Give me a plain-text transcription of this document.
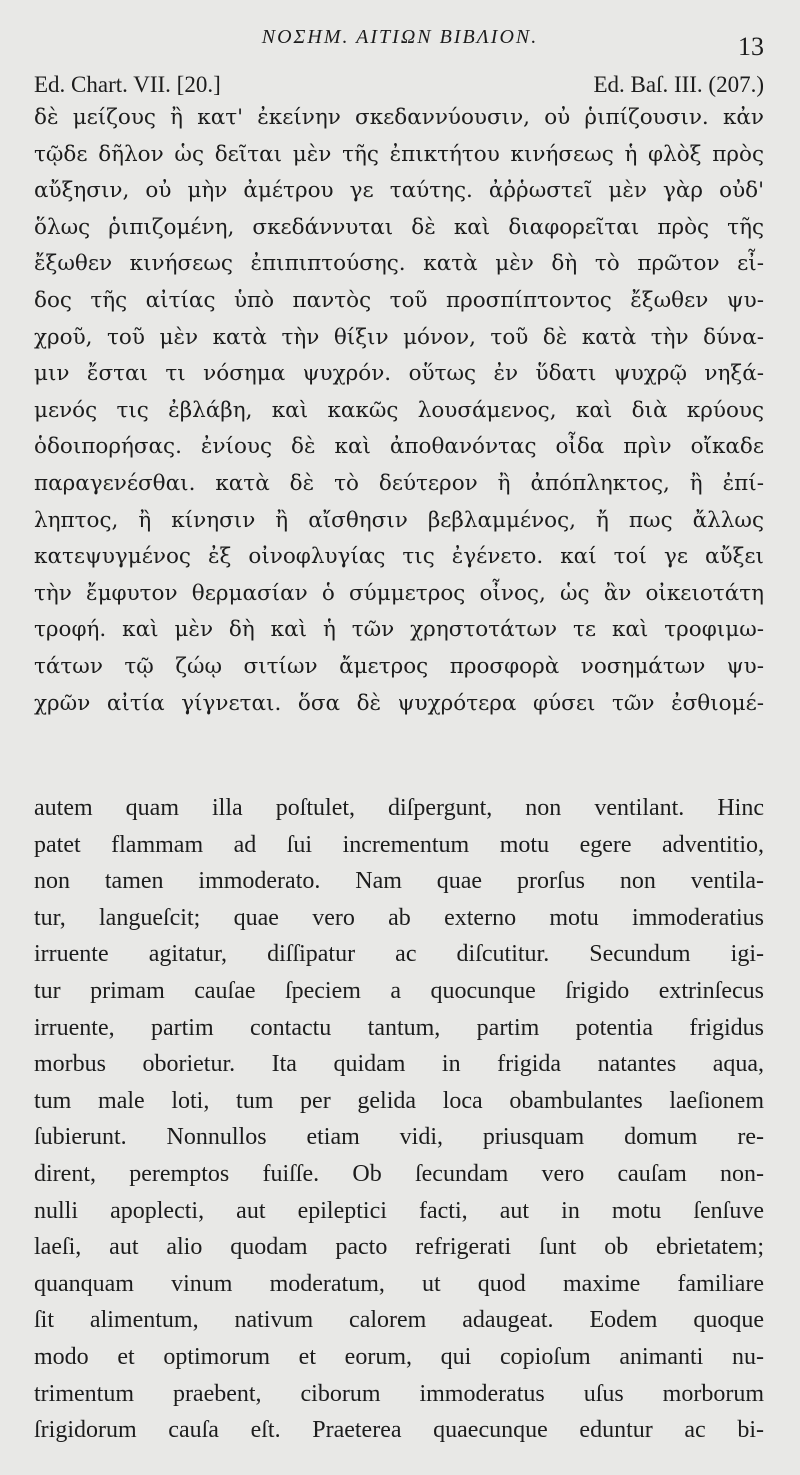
ΝΟΣΗΜ. ΑΙΤΙΩΝ ΒΙΒΛΙΟΝ.	13
Ed. Chart. VII. [20.]	Ed. Baſ. III. (207.)
δὲ μείζους ἢ κατ' ἐκείνην σκεδαννύουσιν, οὐ ῥιπίζουσιν. κἀν
τῷδε δῆλον ὡς δεῖται μὲν τῆς ἐπικτήτου κινήσεως ἡ φλὸξ πρὸς
αὔξησιν, οὐ μὴν ἀμέτρου γε ταύτης. ἀῤῥωστεῖ μὲν γὰρ οὐδ'
ὅλως ῥιπιζομένη, σκεδάννυται δὲ καὶ διαφορεῖται πρὸς τῆς
ἔξωθεν κινήσεως ἐπιπιπτούσης. κατὰ μὲν δὴ τὸ πρῶτον εἶ-
δος τῆς αἰτίας ὑπὸ παντὸς τοῦ προσπίπτοντος ἔξωθεν ψυ-
χροῦ, τοῦ μὲν κατὰ τὴν θίξιν μόνον, τοῦ δὲ κατὰ τὴν δύνα-
μιν ἔσται τι νόσημα ψυχρόν. οὕτως ἐν ὕδατι ψυχρῷ νηξά-
μενός τις ἐβλάβη, καὶ κακῶς λουσάμενος, καὶ διὰ κρύους
ὁδοιπορήσας. ἐνίους δὲ καὶ ἀποθανόντας οἶδα πρὶν οἴκαδε
παραγενέσθαι. κατὰ δὲ τὸ δεύτερον ἢ ἀπόπληκτος, ἢ ἐπί-
ληπτος, ἢ κίνησιν ἢ αἴσθησιν βεβλαμμένος, ἤ πως ἄλλως
κατεψυγμένος ἐξ οἰνοφλυγίας τις ἐγένετο. καί τοί γε αὔξει
τὴν ἔμφυτον θερμασίαν ὁ σύμμετρος οἶνος, ὡς ἂν οἰκειοτάτη
τροφή. καὶ μὲν δὴ καὶ ἡ τῶν χρηστοτάτων τε καὶ τροφιμω-
τάτων τῷ ζώῳ σιτίων ἄμετρος προσφορὰ νοσημάτων ψυ-
χρῶν αἰτία γίγνεται. ὅσα δὲ ψυχρότερα φύσει τῶν ἐσθιομέ-
autem quam illa poſtulet, diſpergunt, non ventilant. Hinc
patet flammam ad ſui incrementum motu egere adventitio,
non tamen immoderato. Nam quae prorſus non ventila-
tur, langueſcit; quae vero ab externo motu immoderatius
irruente agitatur, diſſipatur ac diſcutitur. Secundum igi-
tur primam cauſae ſpeciem a quocunque ſrigido extrinſecus
irruente, partim contactu tantum, partim potentia frigidus
morbus oborietur. Ita quidam in frigida natantes aqua,
tum male loti, tum per gelida loca obambulantes laeſionem
ſubierunt. Nonnullos etiam vidi, priusquam domum re-
dirent, peremptos fuiſſe. Ob ſecundam vero cauſam non-
nulli apoplecti, aut epileptici facti, aut in motu ſenſuve
laeſi, aut alio quodam pacto refrigerati ſunt ob ebrietatem;
quanquam vinum moderatum, ut quod maxime familiare
ſit alimentum, nativum calorem adaugeat. Eodem quoque
modo et optimorum et eorum, qui copioſum animanti nu-
trimentum praebent, ciborum immoderatus uſus morborum
ſrigidorum cauſa eſt. Praeterea quaecunque eduntur ac bi-
